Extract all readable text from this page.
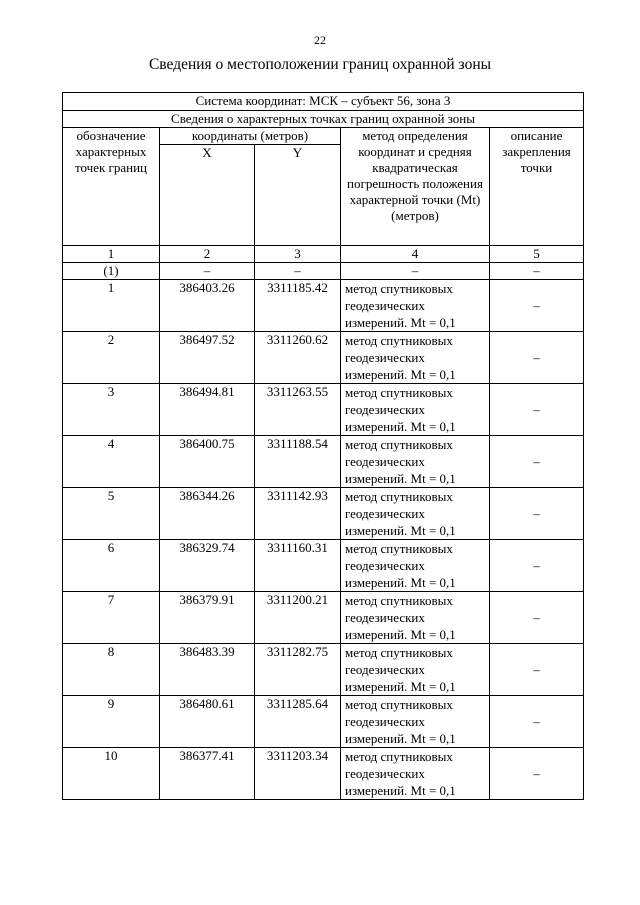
22
Сведения о местоположении границ охранной зоны
Система координат: МСК – субъект 56, зона 3				
Сведения о характерных точках границ охранной зоны				
обозначение характерных точек границ	координаты (метров)		метод определения координат и средняя квадратическая погрешность положения характерной точки (Mt) (метров)	описание закрепления точки
	X	Y		
1	2	3	4	5
(1)	–	–	–	–
1	386403.26	3311185.42	метод спутниковых геодезических измерений. Mt = 0,1	–
2	386497.52	3311260.62	метод спутниковых геодезических измерений. Mt = 0,1	–
3	386494.81	3311263.55	метод спутниковых геодезических измерений. Mt = 0,1	–
4	386400.75	3311188.54	метод спутниковых геодезических измерений. Mt = 0,1	–
5	386344.26	3311142.93	метод спутниковых геодезических измерений. Mt = 0,1	–
6	386329.74	3311160.31	метод спутниковых геодезических измерений. Mt = 0,1	–
7	386379.91	3311200.21	метод спутниковых геодезических измерений. Mt = 0,1	–
8	386483.39	3311282.75	метод спутниковых геодезических измерений. Mt = 0,1	–
9	386480.61	3311285.64	метод спутниковых геодезических измерений. Mt = 0,1	–
10	386377.41	3311203.34	метод спутниковых геодезических измерений. Mt = 0,1	–
